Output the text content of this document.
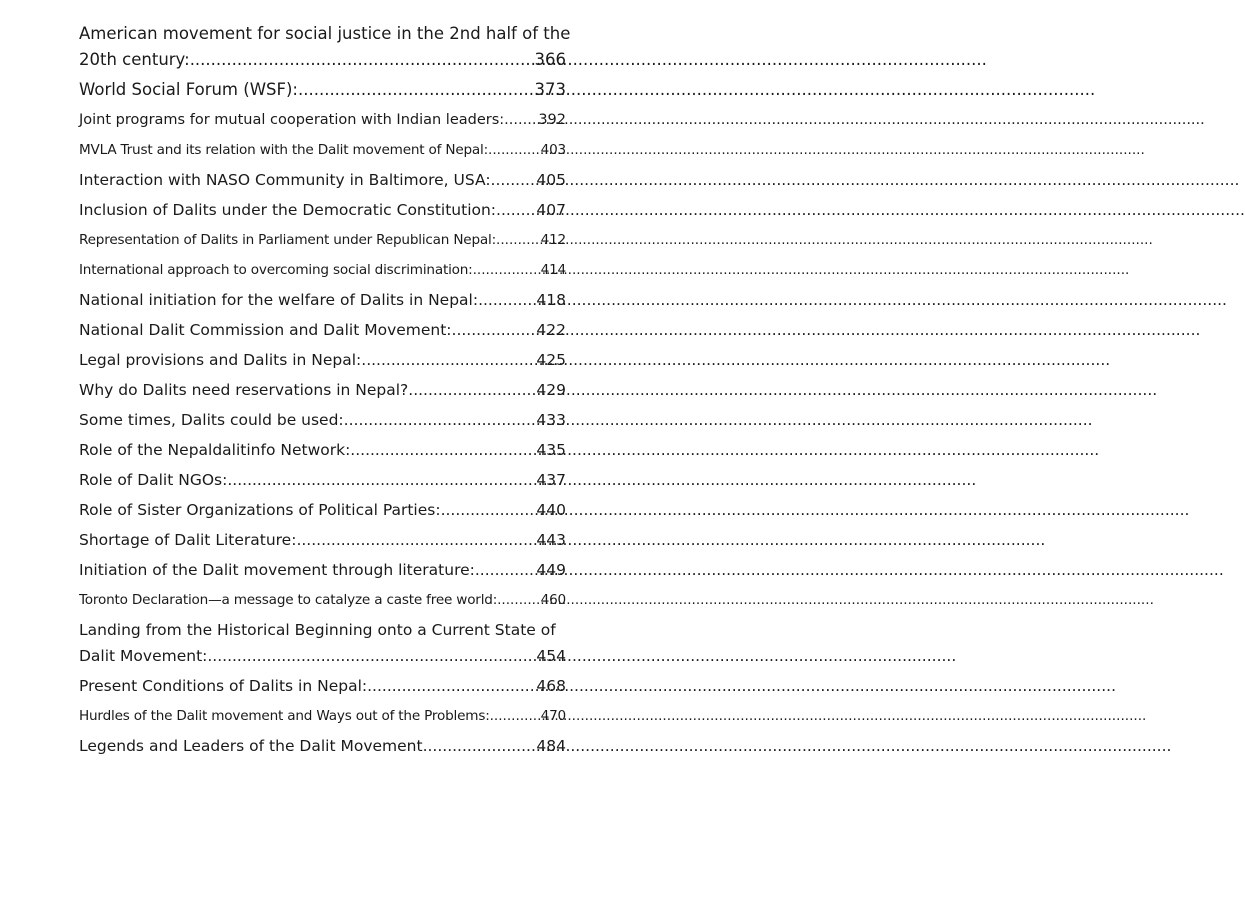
American movement for social justice in the 2nd half of the
20th century: .....	366
World Social Forum (WSF): .....	373
Joint programs for mutual cooperation with Indian leaders: ..... 392
MVLA Trust and its relation with the Dalit movement of Nepal: .....	403
Interaction with NASO Community in Baltimore, USA: .....	405
Inclusion of Dalits under the Democratic Constitution: .....	407
Representation of Dalits in Parliament under Republican Nepal: .....	412
International approach to overcoming social discrimination: .....	414
National initiation for the welfare of Dalits in Nepal: .....	418
National Dalit Commission and Dalit Movement: .....	422
Legal provisions and Dalits in Nepal: .....	425
Why do Dalits need reservations in Nepal? .....	429
Some times, Dalits could be used: .....	433
Role of the Nepaldalitinfo Network: .....	435
Role of Dalit NGOs: .....	437
Role of Sister Organizations of Political Parties: .....	440
Shortage of Dalit Literature: .....	443
Initiation of the Dalit movement through literature: .....	449
Toronto Declaration—a message to catalyze a caste free world: .....	460
Landing from the Historical Beginning onto a Current State of
Dalit Movement: .....	454
Present Conditions of Dalits in Nepal: .....	468
Hurdles of the Dalit movement and Ways out of the Problems: .....	470
Legends and Leaders of the Dalit Movement .....	484
